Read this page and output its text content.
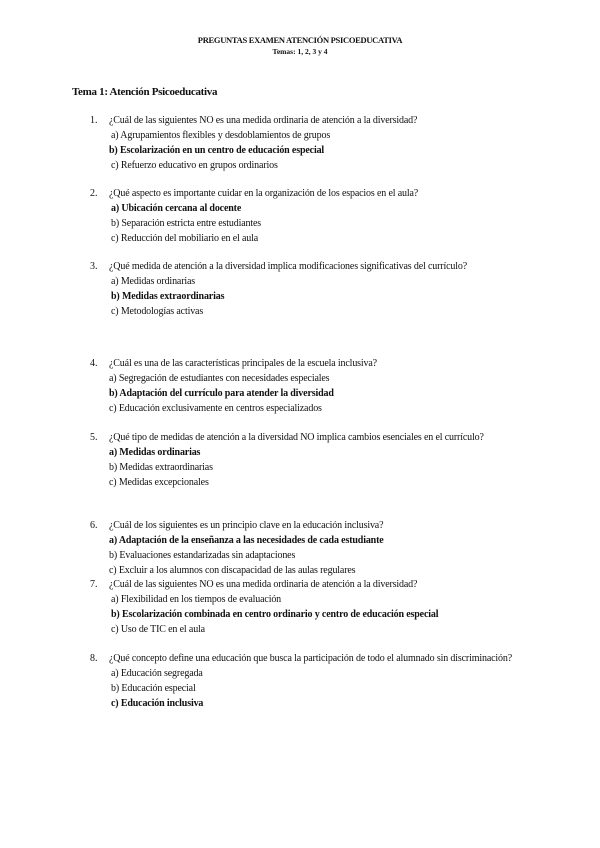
PREGUNTAS EXAMEN ATENCIÓN PSICOEDUCATIVA
Temas: 1, 2, 3 y 4
Tema 1: Atención Psicoeducativa
1. ¿Cuál de las siguientes NO es una medida ordinaria de atención a la diversidad?
a) Agrupamientos flexibles y desdoblamientos de grupos
b) Escolarización en un centro de educación especial
c) Refuerzo educativo en grupos ordinarios
2. ¿Qué aspecto es importante cuidar en la organización de los espacios en el aula?
a) Ubicación cercana al docente
b) Separación estricta entre estudiantes
c) Reducción del mobiliario en el aula
3. ¿Qué medida de atención a la diversidad implica modificaciones significativas del currículo?
a) Medidas ordinarias
b) Medidas extraordinarias
c) Metodologías activas
4. ¿Cuál es una de las características principales de la escuela inclusiva?
a) Segregación de estudiantes con necesidades especiales
b) Adaptación del currículo para atender la diversidad
c) Educación exclusivamente en centros especializados
5. ¿Qué tipo de medidas de atención a la diversidad NO implica cambios esenciales en el currículo?
a) Medidas ordinarias
b) Medidas extraordinarias
c) Medidas excepcionales
6. ¿Cuál de los siguientes es un principio clave en la educación inclusiva?
a) Adaptación de la enseñanza a las necesidades de cada estudiante
b) Evaluaciones estandarizadas sin adaptaciones
c) Excluir a los alumnos con discapacidad de las aulas regulares
7. ¿Cuál de las siguientes NO es una medida ordinaria de atención a la diversidad?
a) Flexibilidad en los tiempos de evaluación
b) Escolarización combinada en centro ordinario y centro de educación especial
c) Uso de TIC en el aula
8. ¿Qué concepto define una educación que busca la participación de todo el alumnado sin discriminación?
a) Educación segregada
b) Educación especial
c) Educación inclusiva
